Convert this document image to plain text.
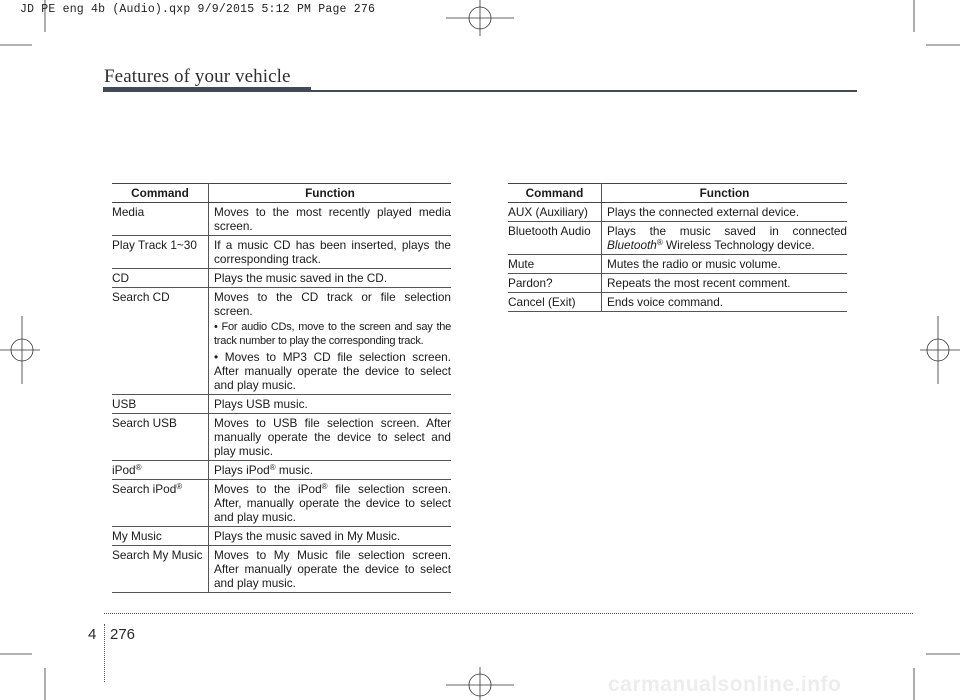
JD PE eng 4b (Audio).qxp 9/9/2015 5:12 PM Page 276
Features of your vehicle
Command	Function
Media	Moves to the most recently played media screen.
Play Track 1~30	If a music CD has been inserted, plays the corresponding track.
CD	Plays the music saved in the CD.
Search CD	Moves to the CD track or file selection screen.
• For audio CDs, move to the screen and say the track number to play the corresponding track.
• Moves to MP3 CD file selection screen. After manually operate the device to select and play music.

USB	Plays USB music.
Search USB	Moves to USB file selection screen. After manually operate the device to select and play music.
iPod®	Plays iPod® music.
Search iPod®	Moves to the iPod® file selection screen. After, manually operate the device to select and play music.
My Music	Plays the music saved in My Music.
Search My Music	Moves to My Music file selection screen. After manually operate the device to select and play music.
Command	Function
AUX (Auxiliary)	Plays the connected external device.
Bluetooth Audio	Plays the music saved in connected Bluetooth® Wireless Technology device.
Mute	Mutes the radio or music volume.
Pardon?	Repeats the most recent comment.
Cancel (Exit)	Ends voice command.
4 276
carmanualsonline.info
